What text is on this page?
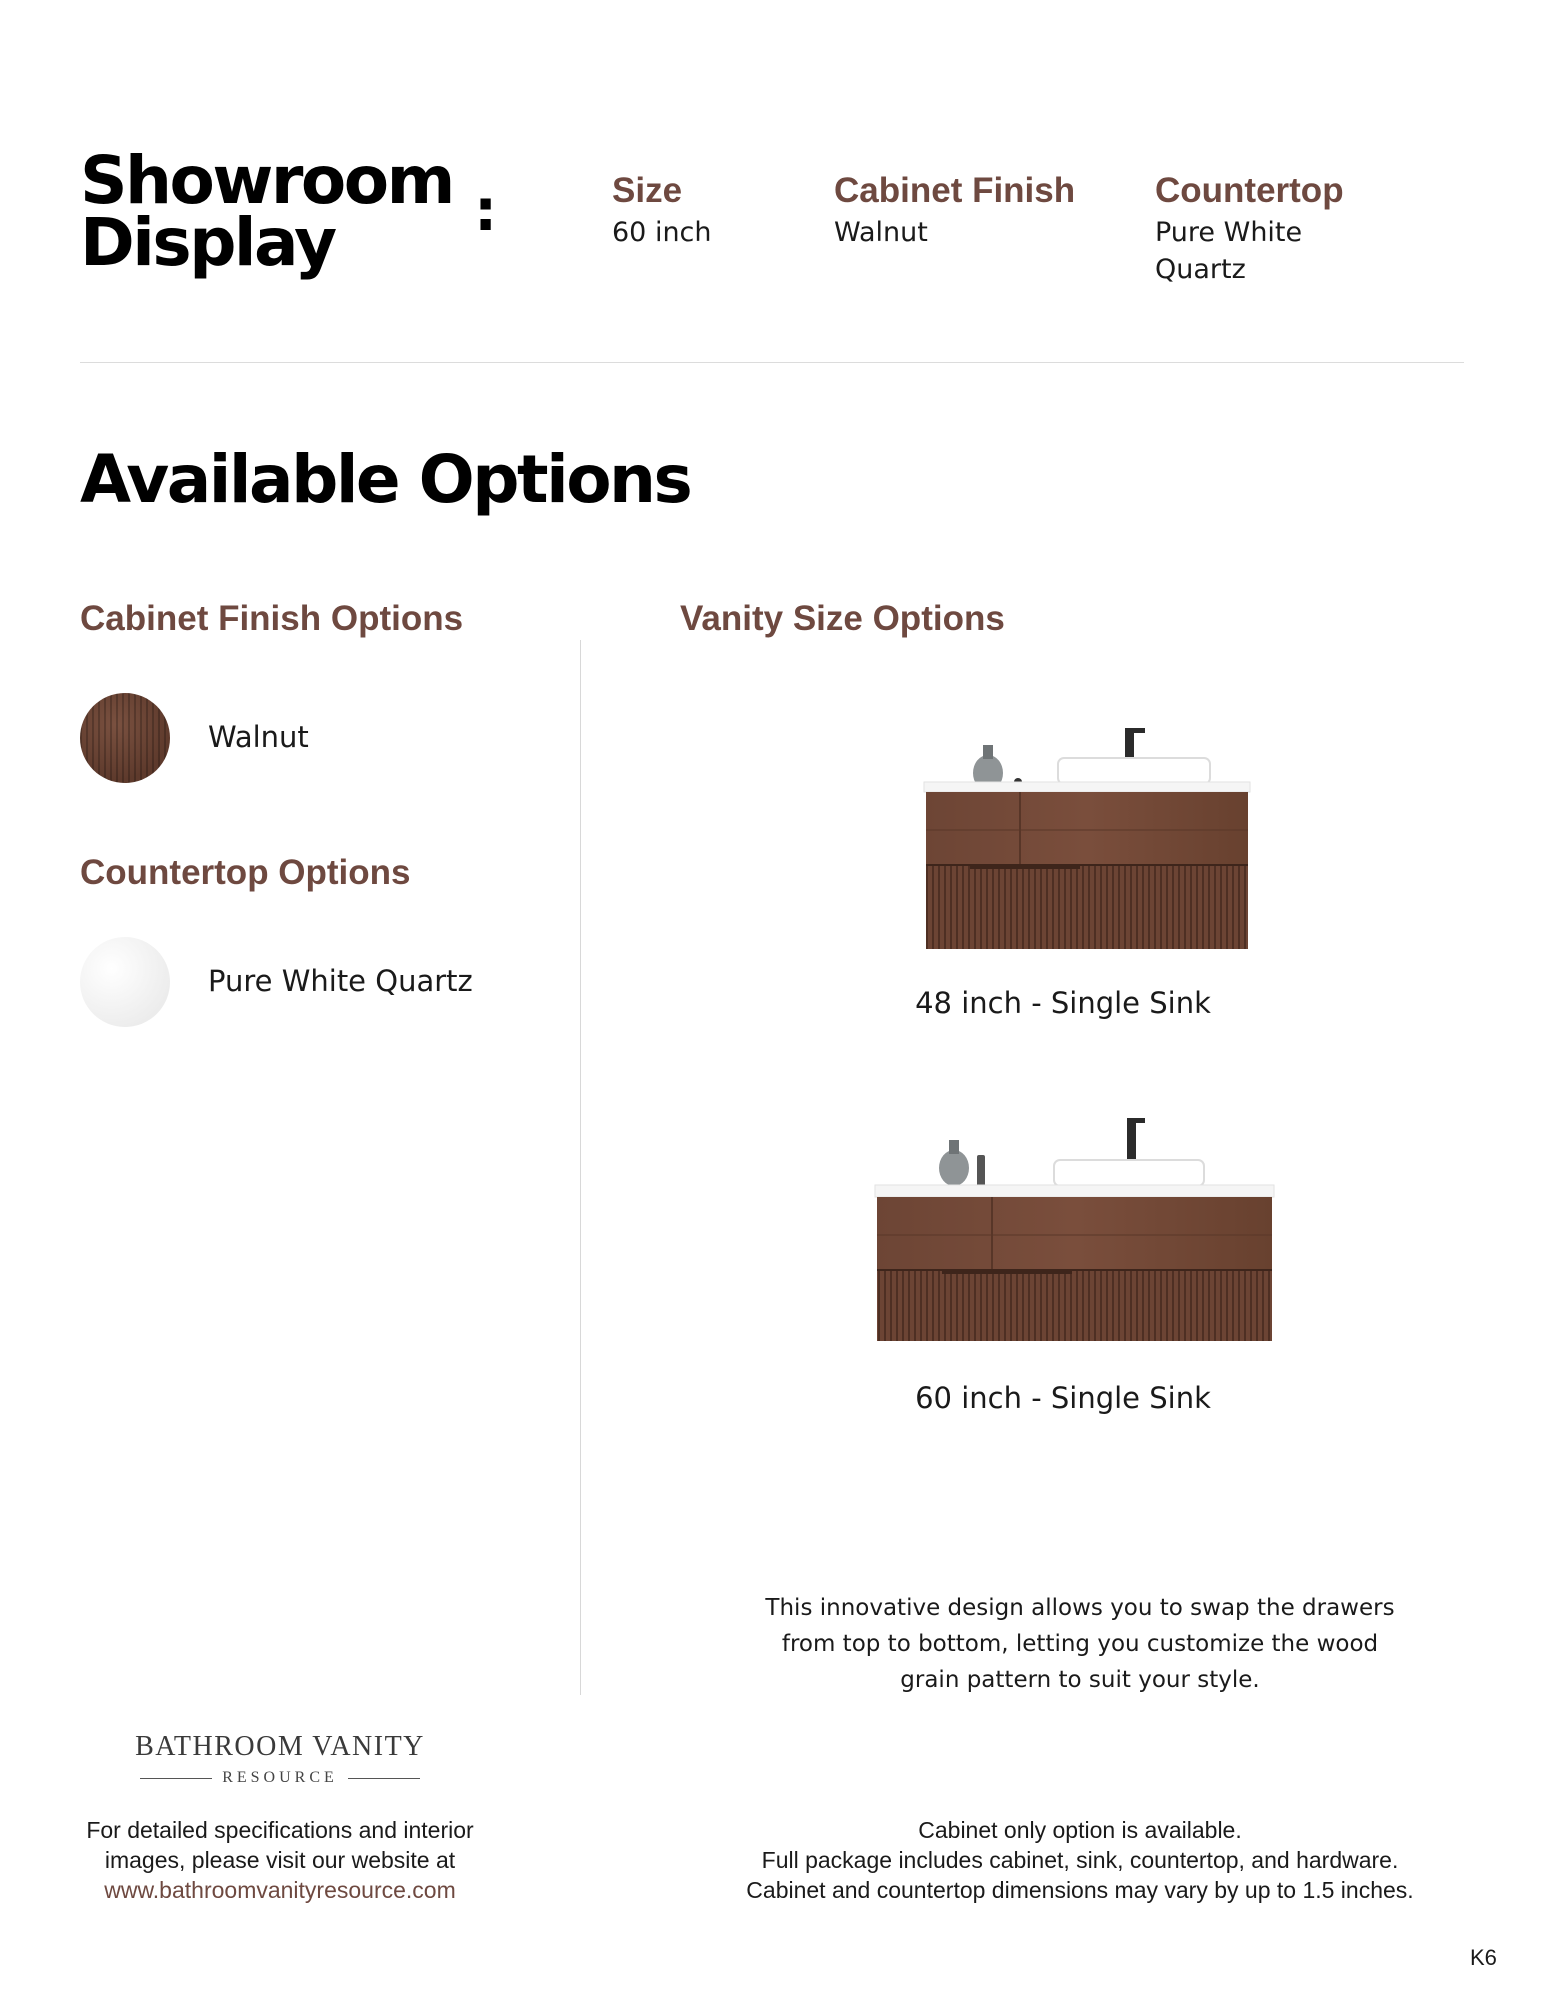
Showroom
Display	:	Size
60 inch
Cabinet Finish
Walnut
Countertop
Pure White
Quartz
Available Options
Cabinet Finish Options
Walnut
Countertop Options
Pure White Quartz
Vanity Size Options
48 inch - Single Sink
60 inch - Single Sink
This innovative design allows you to swap the drawers
from top to bottom, letting you customize the wood
grain pattern to suit your style.
BATHROOM VANITY
RESOURCE
For detailed specifications and interior
images, please visit our website at
www.bathroomvanityresource.com
Cabinet only option is available.
Full package includes cabinet, sink, countertop, and hardware.
Cabinet and countertop dimensions may vary by up to 1.5 inches.
K6
